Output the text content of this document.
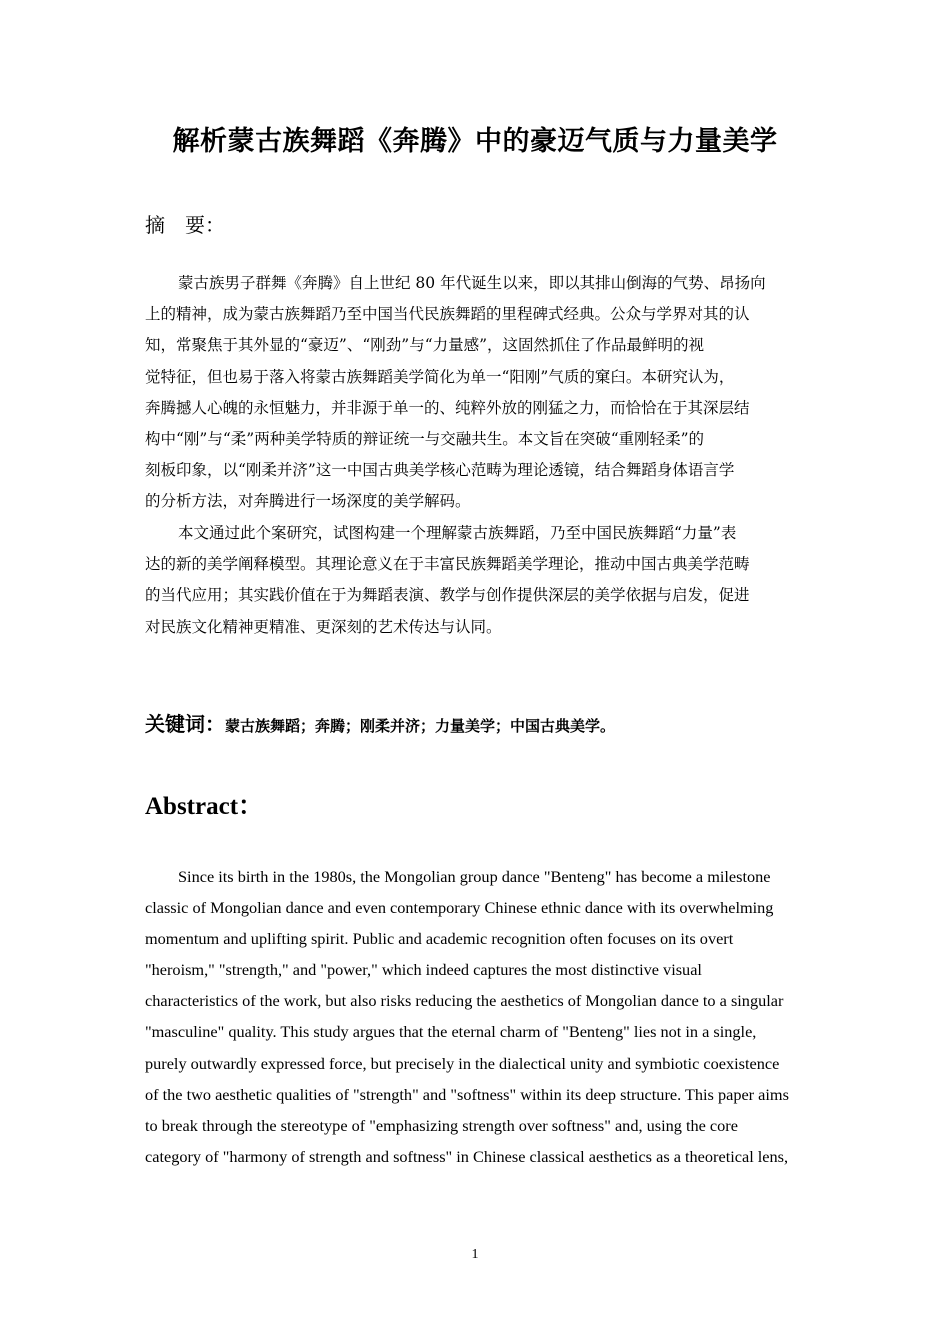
解析蒙古族舞蹈《奔腾》中的豪迈气质与力量美学
摘　要：
蒙古族男子群舞《奔腾》自上世纪 80 年代诞生以来，即以其排山倒海的气势、昂扬向
上的精神，成为蒙古族舞蹈乃至中国当代民族舞蹈的里程碑式经典。公众与学界对其的认
知，常聚焦于其外显的“豪迈”、“刚劲”与“力量感”，这固然抓住了作品最鲜明的视
觉特征，但也易于落入将蒙古族舞蹈美学简化为单一“阳刚”气质的窠臼。本研究认为，
奔腾撼人心魄的永恒魅力，并非源于单一的、纯粹外放的刚猛之力，而恰恰在于其深层结
构中“刚”与“柔”两种美学特质的辩证统一与交融共生。本文旨在突破“重刚轻柔”的
刻板印象，以“刚柔并济”这一中国古典美学核心范畴为理论透镜，结合舞蹈身体语言学
的分析方法，对奔腾进行一场深度的美学解码。
本文通过此个案研究，试图构建一个理解蒙古族舞蹈，乃至中国民族舞蹈“力量”表
达的新的美学阐释模型。其理论意义在于丰富民族舞蹈美学理论，推动中国古典美学范畴
的当代应用；其实践价值在于为舞蹈表演、教学与创作提供深层的美学依据与启发，促进
对民族文化精神更精准、更深刻的艺术传达与认同。
关键词：蒙古族舞蹈；奔腾；刚柔并济；力量美学；中国古典美学。
Abstract：
Since its birth in the 1980s, the Mongolian group dance "Benteng" has become a milestone
classic of Mongolian dance and even contemporary Chinese ethnic dance with its overwhelming
momentum and uplifting spirit. Public and academic recognition often focuses on its overt
"heroism," "strength," and "power," which indeed captures the most distinctive visual
characteristics of the work, but also risks reducing the aesthetics of Mongolian dance to a singular
"masculine" quality. This study argues that the eternal charm of "Benteng" lies not in a single,
purely outwardly expressed force, but precisely in the dialectical unity and symbiotic coexistence
of the two aesthetic qualities of "strength" and "softness" within its deep structure. This paper aims
to break through the stereotype of "emphasizing strength over softness" and, using the core
category of "harmony of strength and softness" in Chinese classical aesthetics as a theoretical lens,
1
